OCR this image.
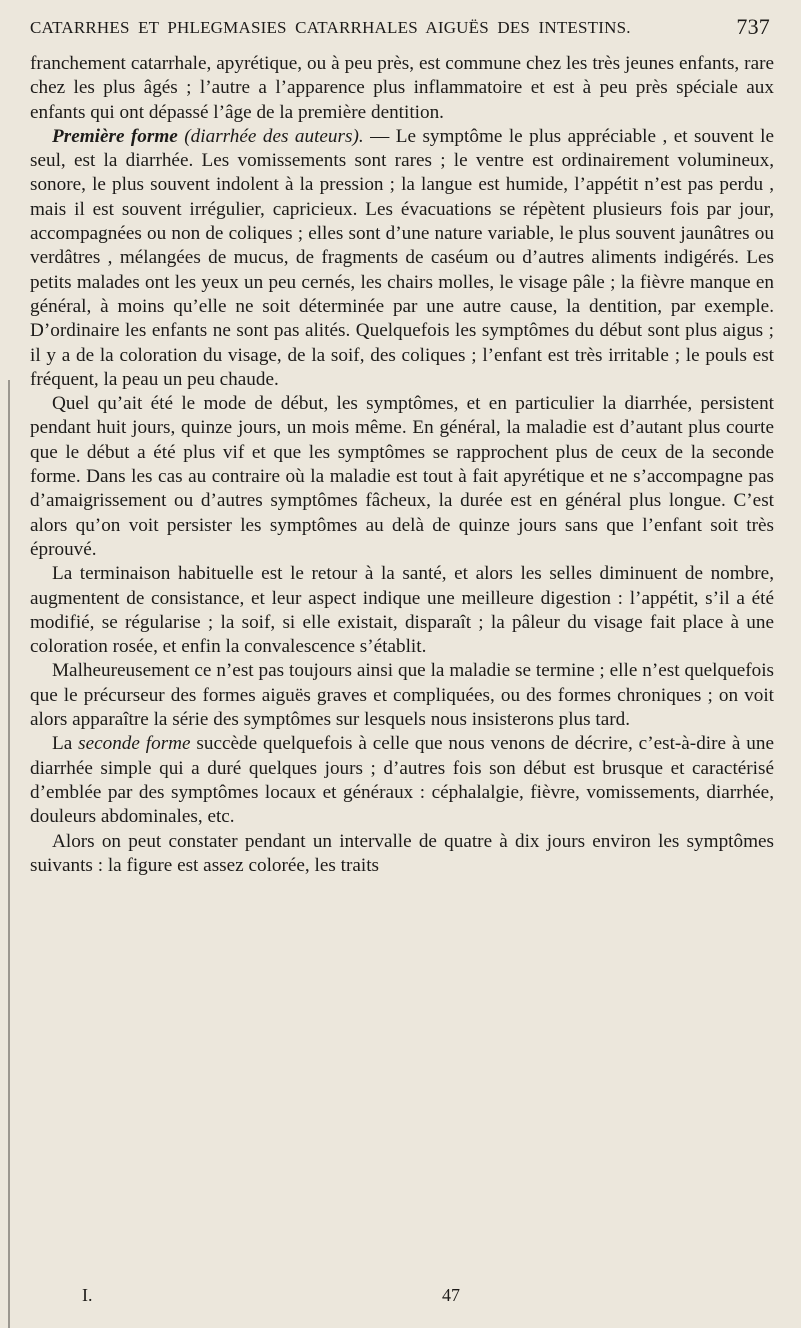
CATARRHES ET PHLEGMASIES CATARRHALES AIGUËS DES INTESTINS.	737

franchement catarrhale, apyrétique, ou à peu près, est commune chez les très jeunes enfants, rare chez les plus âgés ; l’autre a l’apparence plus inflammatoire et est à peu près spéciale aux enfants qui ont dépassé l’âge de la première dentition.

Première forme (diarrhée des auteurs). — Le symptôme le plus appréciable , et souvent le seul, est la diarrhée. Les vomissements sont rares ; le ventre est ordinairement volumineux, sonore, le plus souvent indolent à la pression ; la langue est humide, l’appétit n’est pas perdu , mais il est souvent irrégulier, capricieux. Les évacuations se répètent plusieurs fois par jour, accompagnées ou non de coliques ; elles sont d’une nature variable, le plus souvent jaunâtres ou verdâtres , mélangées de mucus, de fragments de caséum ou d’autres aliments indigérés. Les petits malades ont les yeux un peu cernés, les chairs molles, le visage pâle ; la fièvre manque en général, à moins qu’elle ne soit déterminée par une autre cause, la dentition, par exemple. D’ordinaire les enfants ne sont pas alités. Quelquefois les symptômes du début sont plus aigus ; il y a de la coloration du visage, de la soif, des coliques ; l’enfant est très irritable ; le pouls est fréquent, la peau un peu chaude.

Quel qu’ait été le mode de début, les symptômes, et en particulier la diarrhée, persistent pendant huit jours, quinze jours, un mois même. En général, la maladie est d’autant plus courte que le début a été plus vif et que les symptômes se rapprochent plus de ceux de la seconde forme. Dans les cas au contraire où la maladie est tout à fait apyrétique et ne s’accompagne pas d’amaigrissement ou d’autres symptômes fâcheux, la durée est en général plus longue. C’est alors qu’on voit persister les symptômes au delà de quinze jours sans que l’enfant soit très éprouvé.

La terminaison habituelle est le retour à la santé, et alors les selles diminuent de nombre, augmentent de consistance, et leur aspect indique une meilleure digestion : l’appétit, s’il a été modifié, se régularise ; la soif, si elle existait, disparaît ; la pâleur du visage fait place à une coloration rosée, et enfin la convalescence s’établit.

Malheureusement ce n’est pas toujours ainsi que la maladie se termine ; elle n’est quelquefois que le précurseur des formes aiguës graves et compliquées, ou des formes chroniques ; on voit alors apparaître la série des symptômes sur lesquels nous insisterons plus tard.

La seconde forme succède quelquefois à celle que nous venons de décrire, c’est-à-dire à une diarrhée simple qui a duré quelques jours ; d’autres fois son début est brusque et caractérisé d’emblée par des symptômes locaux et généraux : céphalalgie, fièvre, vomissements, diarrhée, douleurs abdominales, etc.

Alors on peut constater pendant un intervalle de quatre à dix jours environ les symptômes suivants : la figure est assez colorée, les traits

I.	47
